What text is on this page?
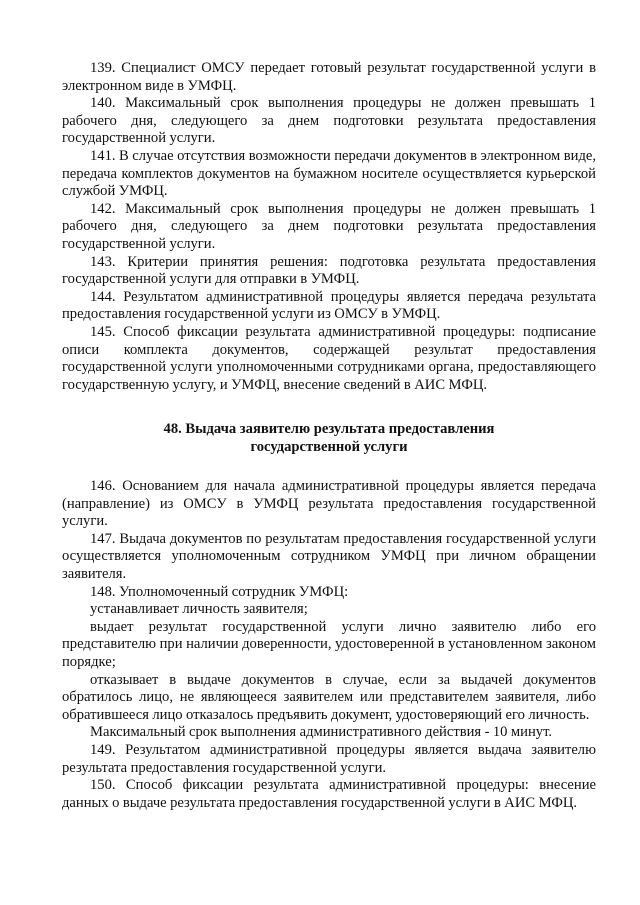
139. Специалист ОМСУ передает готовый результат государственной услуги в электронном виде в УМФЦ.

140. Максимальный срок выполнения процедуры не должен превышать 1 рабочего дня, следующего за днем подготовки результата предоставления государственной услуги.

141. В случае отсутствия возможности передачи документов в электронном виде, передача комплектов документов на бумажном носителе осуществляется курьерской службой УМФЦ.

142. Максимальный срок выполнения процедуры не должен превышать 1 рабочего дня, следующего за днем подготовки результата предоставления государственной услуги.

143. Критерии принятия решения: подготовка результата предоставления государственной услуги для отправки в УМФЦ.

144. Результатом административной процедуры является передача результата предоставления государственной услуги из ОМСУ в УМФЦ.

145. Способ фиксации результата административной процедуры: подписание описи комплекта документов, содержащей результат предоставления государственной услуги уполномоченными сотрудниками органа, предоставляющего государственную услугу, и УМФЦ, внесение сведений в АИС МФЦ.

48. Выдача заявителю результата предоставления
государственной услуги

146. Основанием для начала административной процедуры является передача (направление) из ОМСУ в УМФЦ результата предоставления государственной услуги.

147. Выдача документов по результатам предоставления государственной услуги осуществляется уполномоченным сотрудником УМФЦ при личном обращении заявителя.

148. Уполномоченный сотрудник УМФЦ:

устанавливает личность заявителя;

выдает результат государственной услуги лично заявителю либо его представителю при наличии доверенности, удостоверенной в установленном законом порядке;

отказывает в выдаче документов в случае, если за выдачей документов обратилось лицо, не являющееся заявителем или представителем заявителя, либо обратившееся лицо отказалось предъявить документ, удостоверяющий его личность.

Максимальный срок выполнения административного действия - 10 минут.

149. Результатом административной процедуры является выдача заявителю результата предоставления государственной услуги.

150. Способ фиксации результата административной процедуры: внесение данных о выдаче результата предоставления государственной услуги в АИС МФЦ.
